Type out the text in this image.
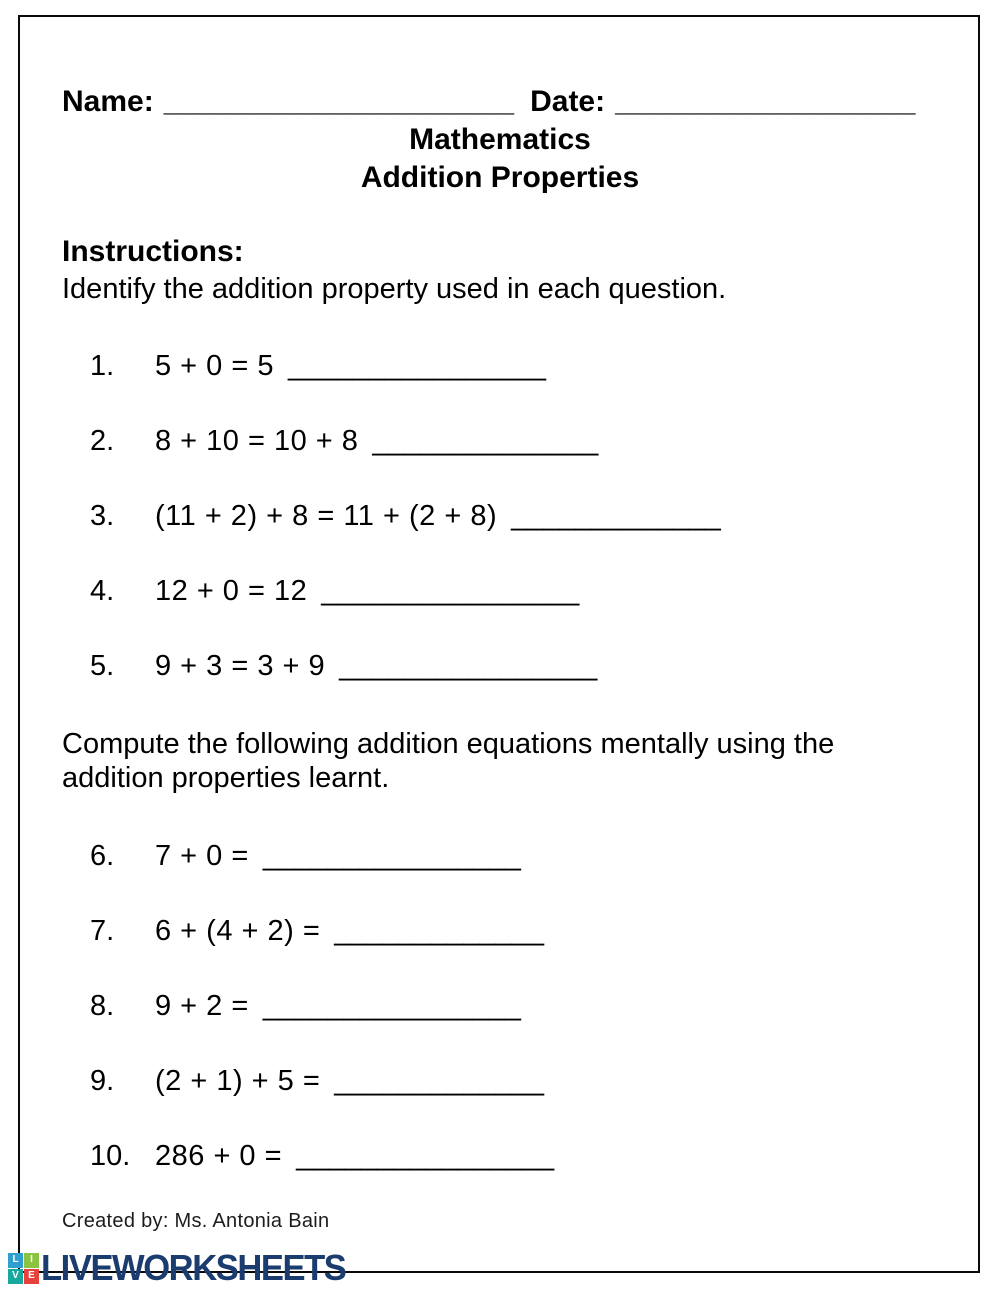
Name: _____________________ Date: __________________
Mathematics
Addition Properties
Instructions:
Identify the addition property used in each question.
1.	5 + 0 = 5 ________________
2.	8 + 10 = 10 + 8 ______________
3.	(11 + 2) + 8 = 11 + (2 + 8) _____________
4.	12 + 0 = 12 ________________
5.	9 + 3 = 3 + 9 ________________
Compute the following addition equations mentally using the addition properties learnt.
6.	7 + 0 = ________________
7.	6 + (4 + 2) = _____________
8.	9 + 2 = ________________
9.	(2 + 1) + 5 = _____________
10. 286 + 0 = ________________
Created by: Ms. Antonia Bain
L	I
V E LIVEWORKSHEETS
